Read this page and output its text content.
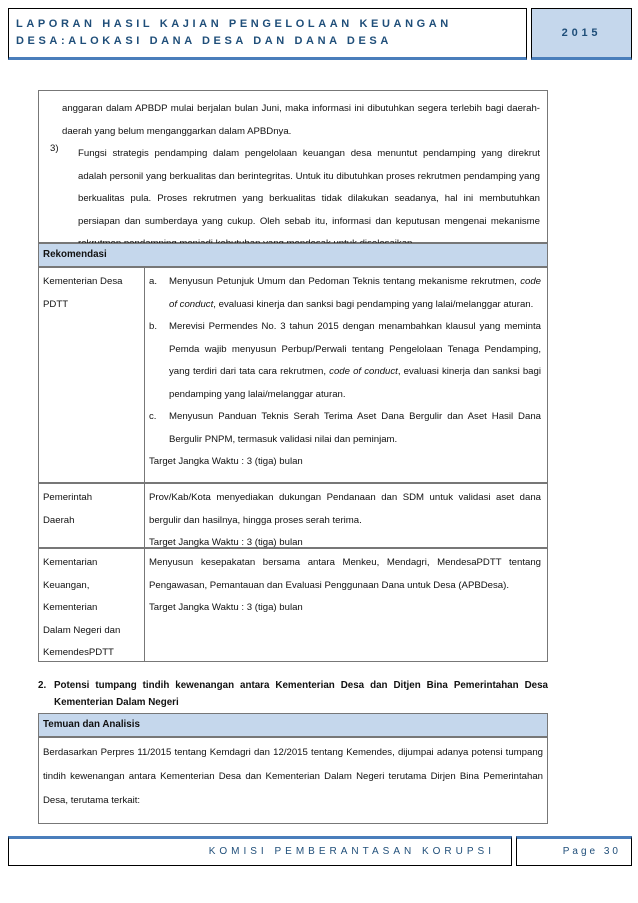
LAPORAN HASIL KAJIAN PENGELOLAAN KEUANGAN
DESA:ALOKASI DANA DESA DAN DANA DESA
2015
anggaran dalam APBDP mulai berjalan bulan Juni, maka informasi ini dibutuhkan segera terlebih bagi daerah-daerah yang belum menganggarkan dalam APBDnya.
3) Fungsi strategis pendamping dalam pengelolaan keuangan desa menuntut pendamping yang direkrut adalah personil yang berkualitas dan berintegritas. Untuk itu dibutuhkan proses rekrutmen pendamping yang berkualitas pula. Proses rekrutmen yang berkualitas tidak dilakukan seadanya, hal ini membutuhkan persiapan dan sumberdaya yang cukup. Oleh sebab itu, informasi dan keputusan mengenai mekanisme
Rekomendasi
Kementerian Desa
PDTT
a. Menyusun Petunjuk Umum dan Pedoman Teknis tentang mekanisme rekrutmen, code of conduct, evaluasi kinerja dan sanksi bagi pendamping yang lalai/melanggar aturan.
b. Merevisi Permendes No. 3 tahun 2015 dengan menambahkan klausul yang meminta Pemda wajib menyusun Perbup/Perwali tentang Pengelolaan Tenaga Pendamping, yang terdiri dari tata cara rekrutmen, code of conduct, evaluasi kinerja dan sanksi bagi pendamping yang lalai/melanggar aturan.
c. Menyusun Panduan Teknis Serah Terima Aset Dana Bergulir dan Aset Hasil Dana Bergulir PNPM, termasuk validasi nilai dan peminjam.
Target Jangka Waktu : 3 (tiga) bulan
Pemerintah
Daerah
Prov/Kab/Kota menyediakan dukungan Pendanaan dan SDM untuk validasi aset dana bergulir dan hasilnya, hingga proses serah terima.
Target Jangka Waktu : 3 (tiga) bulan
Kementarian
Keuangan,
Kementerian
Dalam Negeri dan
KemendesPDTT
Menyusun kesepakatan bersama antara Menkeu, Mendagri, MendesaPDTT tentang Pengawasan, Pemantauan dan Evaluasi Penggunaan Dana untuk Desa (APBDesa).
Target Jangka Waktu : 3 (tiga) bulan
2. Potensi tumpang tindih kewenangan antara Kementerian Desa dan Ditjen Bina Pemerintahan Desa Kementerian Dalam Negeri
Temuan dan Analisis
Berdasarkan Perpres 11/2015 tentang Kemdagri dan 12/2015 tentang Kemendes, dijumpai adanya potensi tumpang tindih kewenangan antara Kementerian Desa dan Kementerian Dalam Negeri terutama Dirjen Bina Pemerintahan Desa, terutama terkait:
KOMISI PEMBERANTASAN KORUPSI	Page 30
